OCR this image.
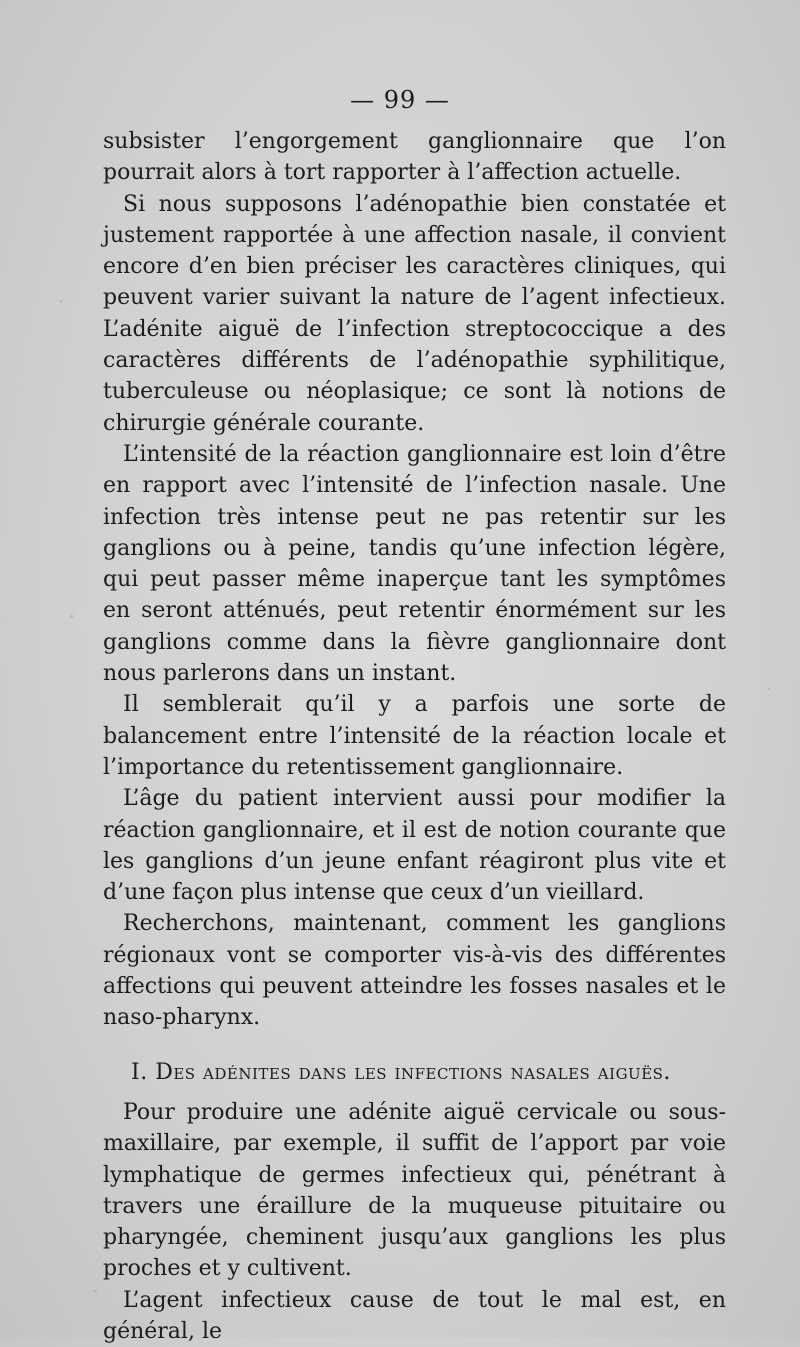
— 99 —

subsister l’engorgement ganglionnaire que l’on pourrait alors à tort rapporter à l’affection actuelle.

Si nous supposons l’adénopathie bien constatée et justement rapportée à une affection nasale, il convient encore d’en bien préciser les caractères cliniques, qui peuvent varier suivant la nature de l’agent infectieux. L’adénite aiguë de l’infection streptococcique a des caractères différents de l’adénopathie syphilitique, tuberculeuse ou néoplasique; ce sont là notions de chirurgie générale courante.

L’intensité de la réaction ganglionnaire est loin d’être en rapport avec l’intensité de l’infection nasale. Une infection très intense peut ne pas retentir sur les ganglions ou à peine, tandis qu’une infection légère, qui peut passer même inaperçue tant les symptômes en seront atténués, peut retentir énormément sur les ganglions comme dans la fièvre ganglionnaire dont nous parlerons dans un instant.

Il semblerait qu’il y a parfois une sorte de balancement entre l’intensité de la réaction locale et l’importance du retentissement ganglionnaire.

L’âge du patient intervient aussi pour modifier la réaction ganglionnaire, et il est de notion courante que les ganglions d’un jeune enfant réagiront plus vite et d’une façon plus intense que ceux d’un vieillard.

Recherchons, maintenant, comment les ganglions régionaux vont se comporter vis-à-vis des différentes affections qui peuvent atteindre les fosses nasales et le naso-pharynx.

I. Des adénites dans les infections nasales aiguës.

Pour produire une adénite aiguë cervicale ou sous-maxillaire, par exemple, il suffit de l’apport par voie lymphatique de germes infectieux qui, pénétrant à travers une éraillure de la muqueuse pituitaire ou pharyngée, cheminent jusqu’aux ganglions les plus proches et y cultivent.

L’agent infectieux cause de tout le mal est, en général, le
